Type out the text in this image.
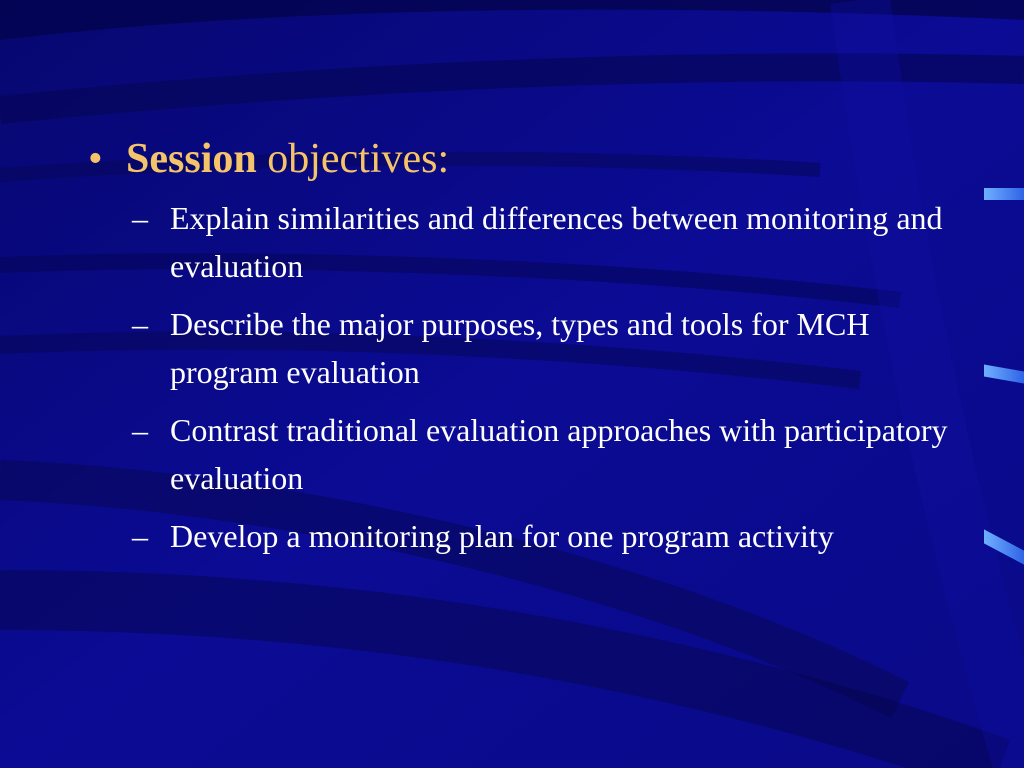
• Session objectives:
– Explain similarities and differences between monitoring and evaluation
– Describe the major purposes, types and tools for MCH program evaluation
– Contrast traditional evaluation approaches with participatory evaluation
– Develop a monitoring plan for one program activity
